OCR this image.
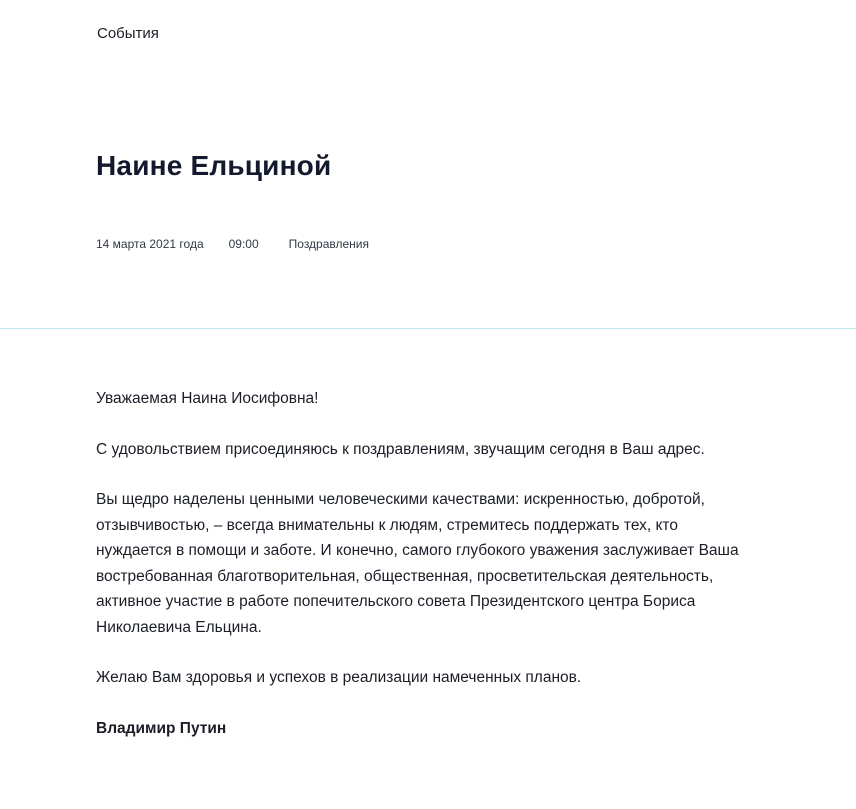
События
Наине Ельциной
14 марта 2021 года 09:00	Поздравления

Уважаемая Наина Иосифовна!

С удовольствием присоединяюсь к поздравлениям, звучащим сегодня в Ваш адрес.

Вы щедро наделены ценными человеческими качествами: искренностью, добротой, отзывчивостью, – всегда внимательны к людям, стремитесь поддержать тех, кто нуждается в помощи и заботе. И конечно, самого глубокого уважения заслуживает Ваша востребованная благотворительная, общественная, просветительская деятельность, активное участие в работе попечительского совета Президентского центра Бориса Николаевича Ельцина.

Желаю Вам здоровья и успехов в реализации намеченных планов.

Владимир Путин
